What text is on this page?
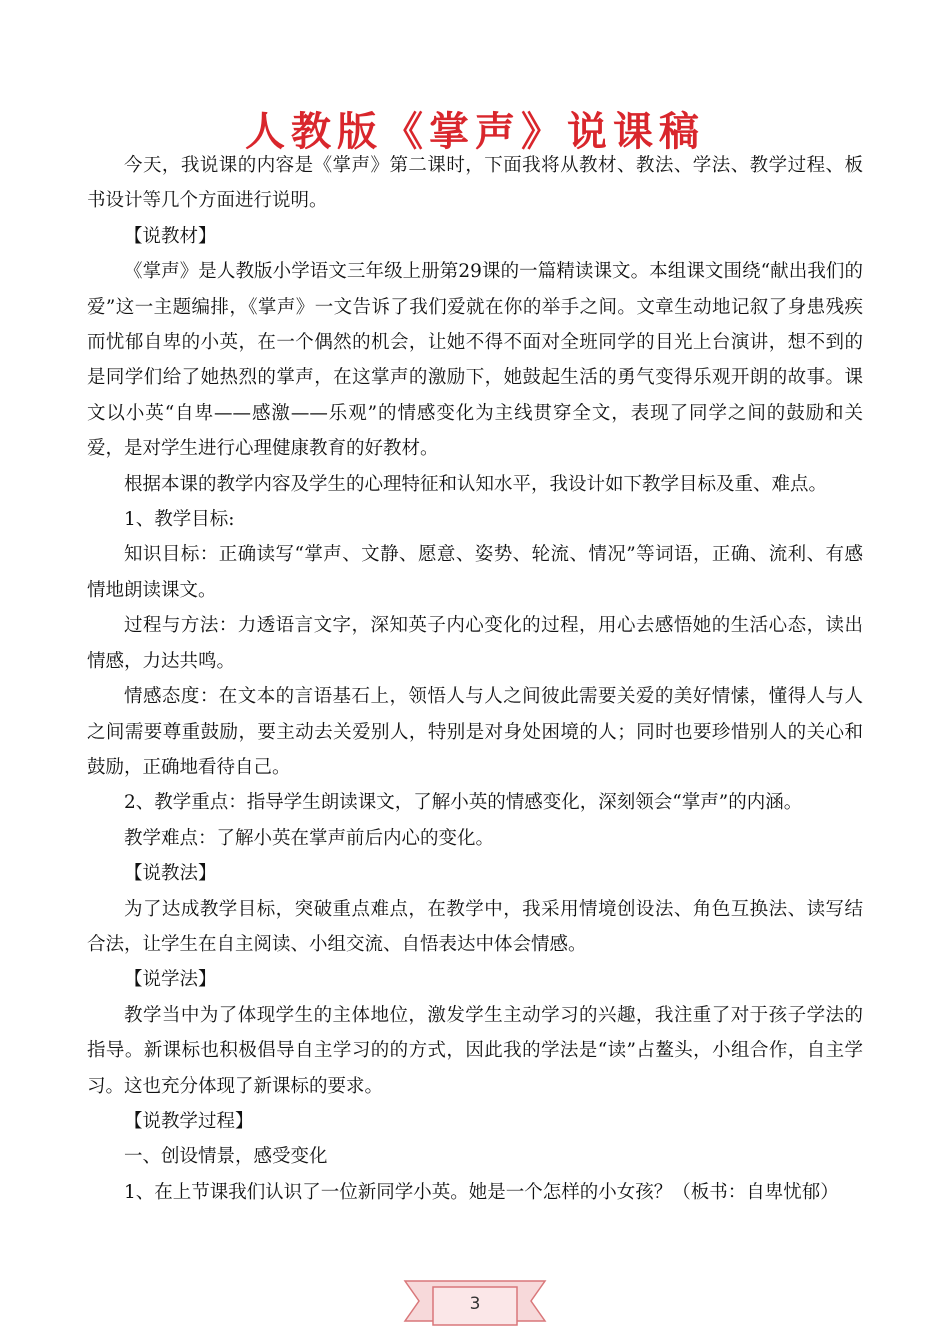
人教版《掌声》说课稿

今天，我说课的内容是《掌声》第二课时，下面我将从教材、教法、学法、教学过程、板书设计等几个方面进行说明。

【说教材】

《掌声》是人教版小学语文三年级上册第29课的一篇精读课文。本组课文围绕“献出我们的爱”这一主题编排，《掌声》一文告诉了我们爱就在你的举手之间。文章生动地记叙了身患残疾而忧郁自卑的小英，在一个偶然的机会，让她不得不面对全班同学的目光上台演讲，想不到的是同学们给了她热烈的掌声，在这掌声的激励下，她鼓起生活的勇气变得乐观开朗的故事。课文以小英“自卑——感激——乐观”的情感变化为主线贯穿全文，表现了同学之间的鼓励和关爱，是对学生进行心理健康教育的好教材。

根据本课的教学内容及学生的心理特征和认知水平，我设计如下教学目标及重、难点。

1、教学目标:

知识目标：正确读写“掌声、文静、愿意、姿势、轮流、情况”等词语，正确、流利、有感情地朗读课文。

过程与方法：力透语言文字，深知英子内心变化的过程，用心去感悟她的生活心态，读出情感，力达共鸣。

情感态度：在文本的言语基石上，领悟人与人之间彼此需要关爱的美好情愫，懂得人与人之间需要尊重鼓励，要主动去关爱别人，特别是对身处困境的人；同时也要珍惜别人的关心和鼓励，正确地看待自己。

2、教学重点：指导学生朗读课文，了解小英的情感变化，深刻领会“掌声”的内涵。

教学难点：了解小英在掌声前后内心的变化。

【说教法】

为了达成教学目标，突破重点难点，在教学中，我采用情境创设法、角色互换法、读写结合法，让学生在自主阅读、小组交流、自悟表达中体会情感。

【说学法】

教学当中为了体现学生的主体地位，激发学生主动学习的兴趣，我注重了对于孩子学法的指导。新课标也积极倡导自主学习的的方式，因此我的学法是“读”占鳌头，小组合作，自主学习。这也充分体现了新课标的要求。

【说教学过程】

一、创设情景，感受变化

1、在上节课我们认识了一位新同学小英。她是一个怎样的小女孩？（板书：自卑忧郁）

3
